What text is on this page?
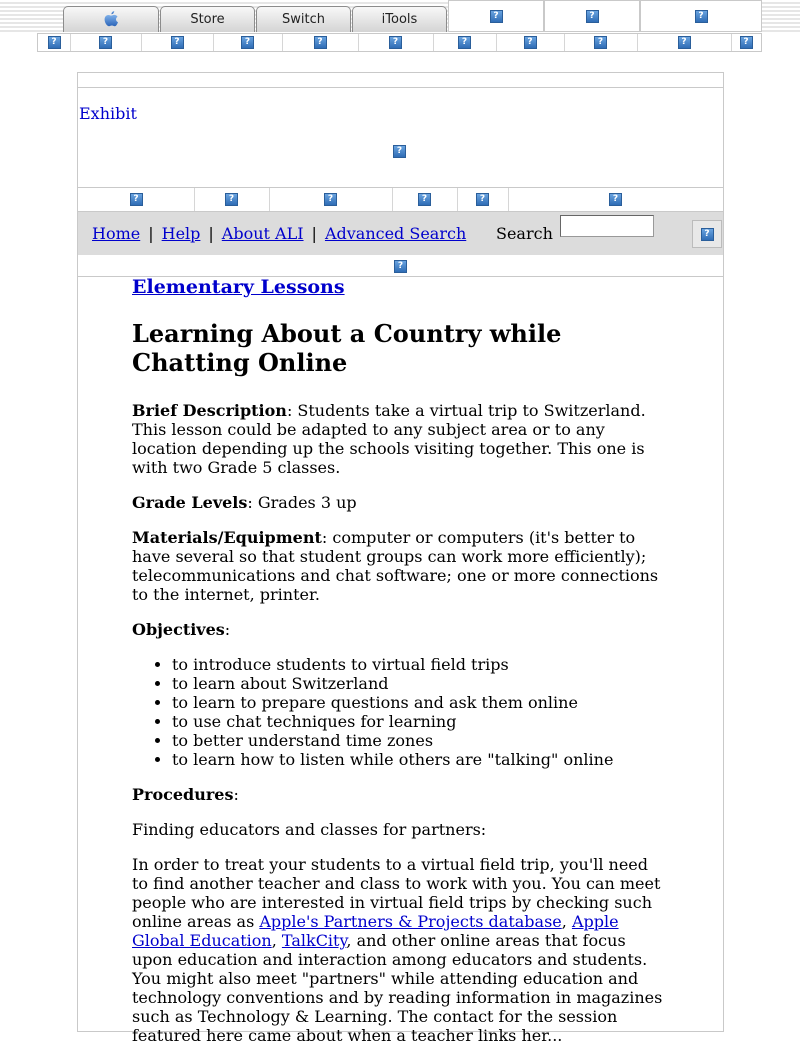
Store	Switch	iTools	?	?	?
?	?	?	?	?	?	?	?	?	?	?
Exhibit
?
?	?	?	?	?	?
Home | Help | About ALI | Advanced Search Search	?
?
Elementary Lessons
Learning About a Country while Chatting Online

Brief Description: Students take a virtual trip to Switzerland. This lesson could be adapted to any subject area or to any location depending up the schools visiting together. This one is with two Grade 5 classes.

Grade Levels: Grades 3 up

Materials/Equipment: computer or computers (it's better to have several so that student groups can work more efficiently); telecommunications and chat software; one or more connections to the internet, printer.

Objectives:

• to introduce students to virtual field trips
• to learn about Switzerland
• to learn to prepare questions and ask them online
• to use chat techniques for learning
• to better understand time zones
• to learn how to listen while others are "talking" online

Procedures:

Finding educators and classes for partners:

In order to treat your students to a virtual field trip, you'll need to find another teacher and class to work with you. You can meet people who are interested in virtual field trips by checking such online areas as Apple's Partners & Projects database, Apple Global Education, TalkCity, and other online areas that focus upon education and interaction among educators and students. You might also meet "partners" while attending education and technology conventions and by reading information in magazines such as Technology & Learning. The contact for the session featured here came about when a teacher links her...
